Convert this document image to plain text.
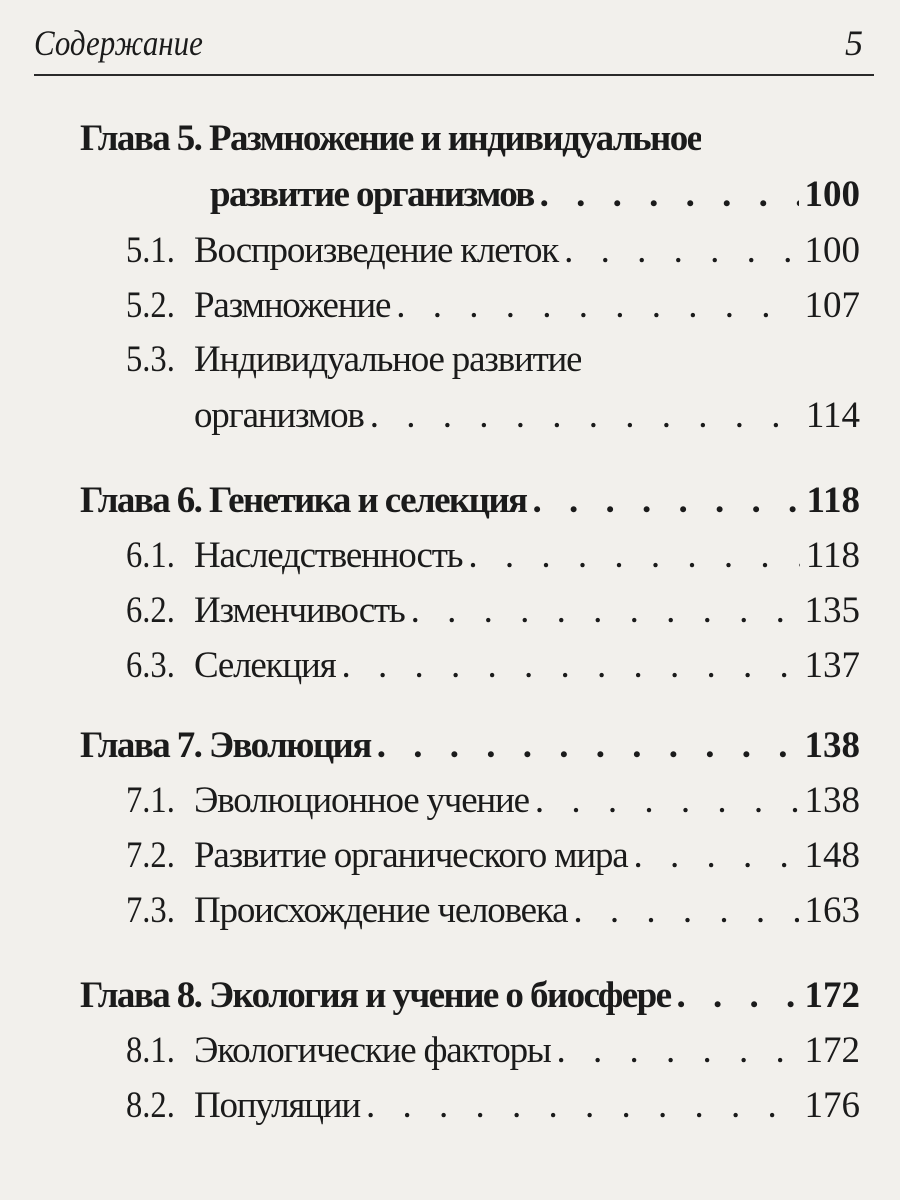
Содержание	5
Глава 5. Размножение и индивидуальное
развитие организмов . . .	100
5.1. Воспроизведение клеток . . .	100
5.2. Размножение . . .	107
5.3. Индивидуальное развитие
организмов . . .	114
Глава 6. Генетика и селекция . . .	118
6.1. Наследственность . . .	118
6.2. Изменчивость . . .	135
6.3. Селекция . . .	137
Глава 7. Эволюция . . .	138
7.1. Эволюционное учение . . .	138
7.2. Развитие органического мира . . .	148
7.3. Происхождение человека . . .	163
Глава 8. Экология и учение о биосфере . . .	172
8.1. Экологические факторы . . .	172
8.2. Популяции . . .	176
